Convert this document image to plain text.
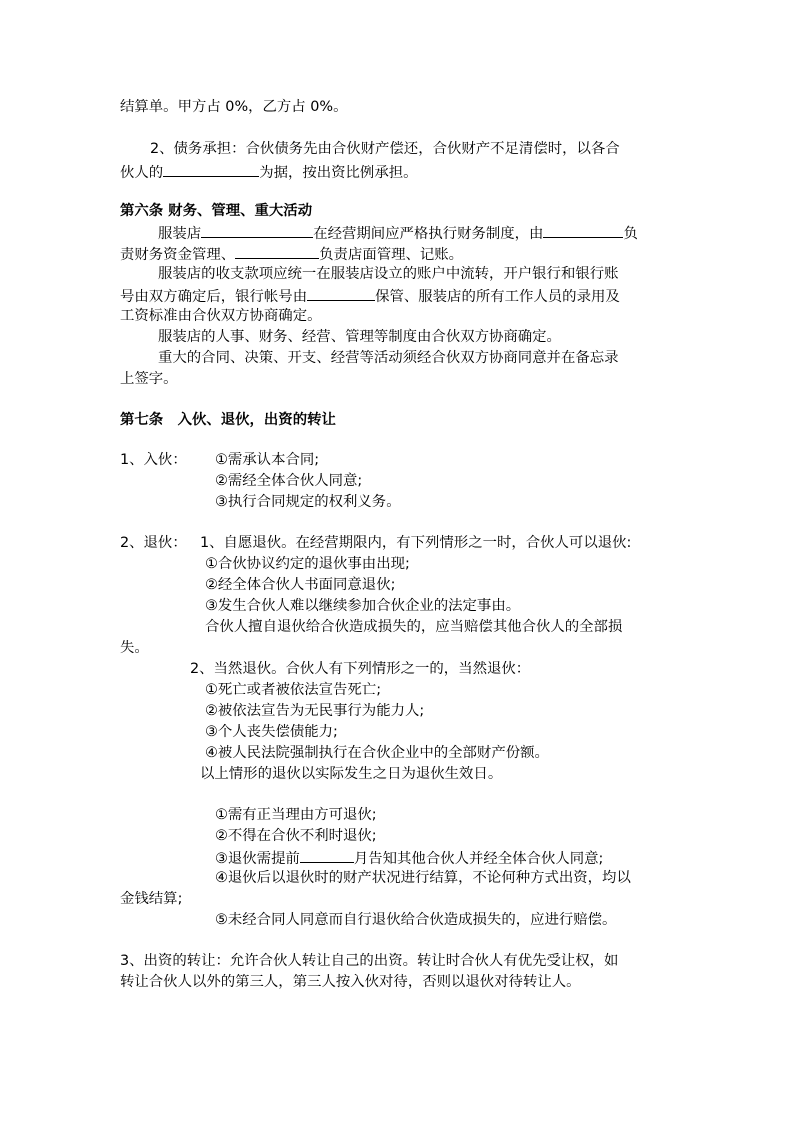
结算单。甲方占 0%，乙方占 0%。
2、债务承担：合伙债务先由合伙财产偿还，合伙财产不足清偿时，以各合
伙人的	为据，按出资比例承担。
第六条 财务、管理、重大活动
服装店	在经营期间应严格执行财务制度，由	负
责财务资金管理、	负责店面管理、记账。
服装店的收支款项应统一在服装店设立的账户中流转，开户银行和银行账
号由双方确定后，银行帐号由	保管、服装店的所有工作人员的录用及
工资标准由合伙双方协商确定。
服装店的人事、财务、经营、管理等制度由合伙双方协商确定。
重大的合同、决策、开支、经营等活动须经合伙双方协商同意并在备忘录
上签字。
第七条　入伙、退伙，出资的转让
1、入伙： ①需承认本合同;
②需经全体合伙人同意;
③执行合同规定的权利义务。
2、退伙： 1、自愿退伙。在经营期限内，有下列情形之一时，合伙人可以退伙:
①合伙协议约定的退伙事由出现;
②经全体合伙人书面同意退伙;
③发生合伙人难以继续参加合伙企业的法定事由。
合伙人擅自退伙给合伙造成损失的，应当赔偿其他合伙人的全部损
失。
2、当然退伙。合伙人有下列情形之一的，当然退伙：
①死亡或者被依法宣告死亡;
②被依法宣告为无民事行为能力人;
③个人丧失偿债能力;
④被人民法院强制执行在合伙企业中的全部财产份额。
以上情形的退伙以实际发生之日为退伙生效日。
①需有正当理由方可退伙;
②不得在合伙不利时退伙;
③退伙需提前	月告知其他合伙人并经全体合伙人同意;
④退伙后以退伙时的财产状况进行结算，不论何种方式出资，均以
金钱结算;
⑤未经合同人同意而自行退伙给合伙造成损失的，应进行赔偿。
3、出资的转让：允许合伙人转让自己的出资。转让时合伙人有优先受让权，如
转让合伙人以外的第三人，第三人按入伙对待，否则以退伙对待转让人。
